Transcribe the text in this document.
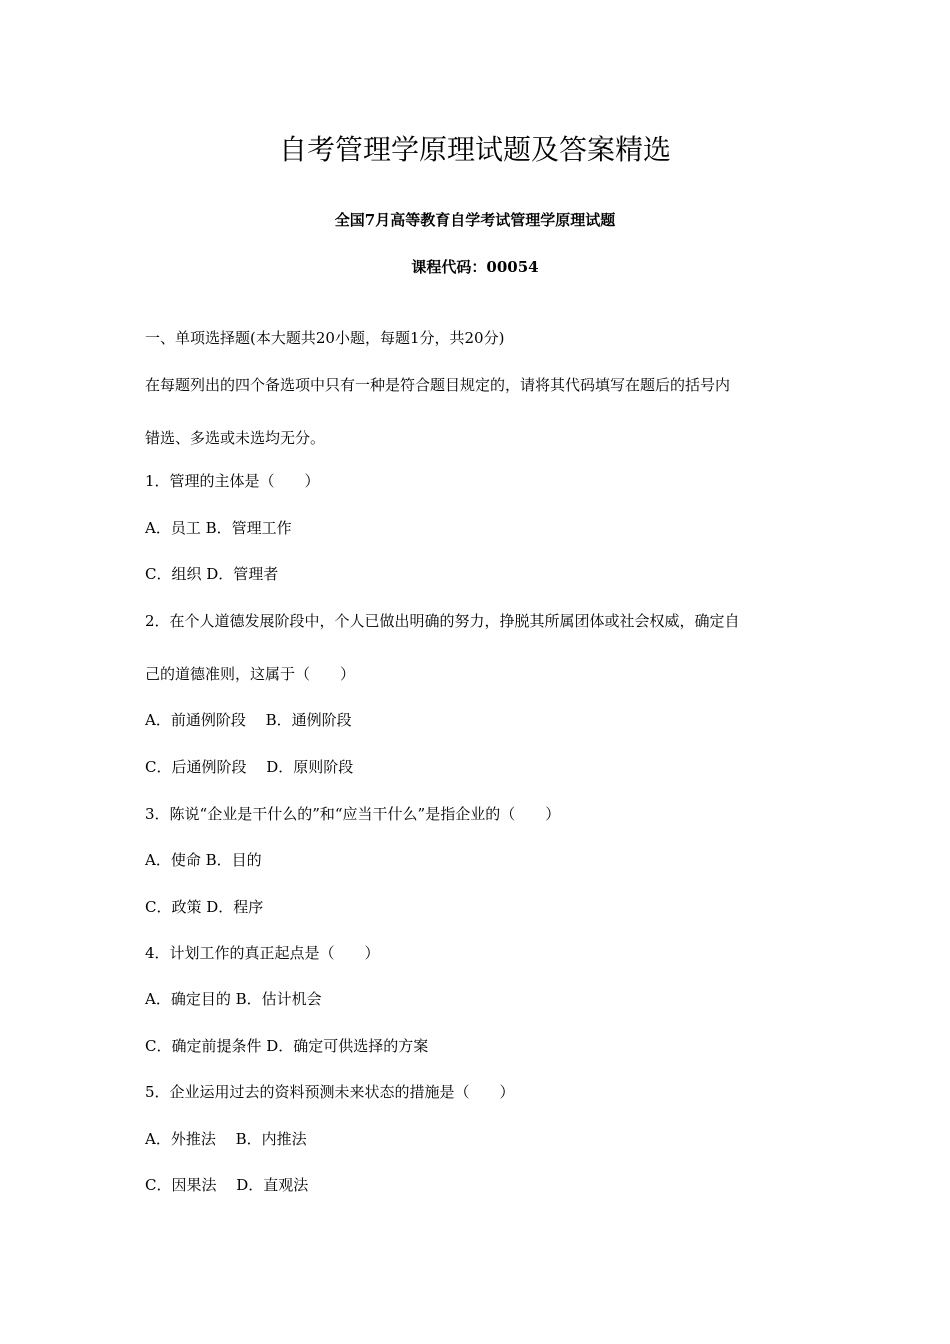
自考管理学原理试题及答案精选

全国7月高等教育自学考试管理学原理试题

课程代码：00054

一、单项选择题(本大题共20小题，每题1分，共20分)

在每题列出的四个备选项中只有一种是符合题目规定的，请将其代码填写在题后的括号内

错选、多选或未选均无分。

1．管理的主体是（　　）

A．员工 B．管理工作

C．组织 D．管理者

2．在个人道德发展阶段中，个人已做出明确的努力，挣脱其所属团体或社会权威，确定自

己的道德准则，这属于（　　）

A．前通例阶段　 B．通例阶段

C．后通例阶段　 D．原则阶段

3．陈说“企业是干什么的”和“应当干什么”是指企业的（　　）

A．使命 B．目的

C．政策 D．程序

4．计划工作的真正起点是（　　）

A．确定目的 B．估计机会

C．确定前提条件 D．确定可供选择的方案

5．企业运用过去的资料预测未来状态的措施是（　　）

A．外推法　 B．内推法

C．因果法　 D．直观法
